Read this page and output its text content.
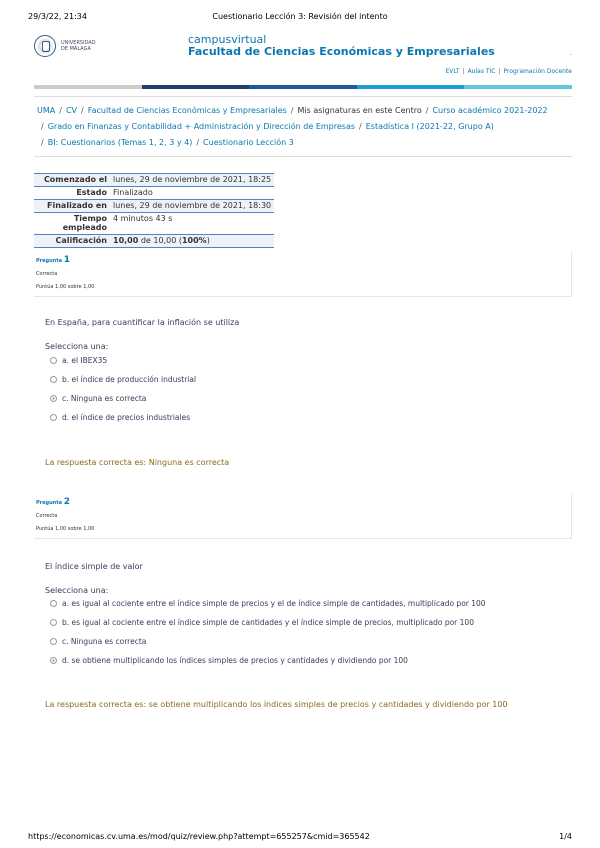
29/3/22, 21:34	Cuestionario Lección 3: Revisión del intento
UNIVERSIDAD
DE MÁLAGA
campusvirtual
Facultad de Ciencias Económicas y Empresariales	.
EVLT | Aulas TIC | Programación Docente
UMA / CV / Facultad de Ciencias Económicas y Empresariales / Mis asignaturas en este Centro / Curso académico 2021-2022
/ Grado en Finanzas y Contabilidad + Administración y Dirección de Empresas / Estadística I (2021-22, Grupo A)
/ BI: Cuestionarios (Temas 1, 2, 3 y 4) / Cuestionario Lección 3
Comenzado el	lunes, 29 de noviembre de 2021, 18:25
Estado	Finalizado
Finalizado en	lunes, 29 de noviembre de 2021, 18:30

Tiempo
empleado	4 minutos 43 s
Calificación	10,00 de 10,00 (100%)
Pregunta 1
Correcta
Puntúa 1,00 sobre 1,00
En España, para cuantificar la inflación se utiliza
Selecciona una:
a. el IBEX35
b. el índice de producción industrial
c. Ninguna es correcta
d. el índice de precios industriales
La respuesta correcta es: Ninguna es correcta
Pregunta 2
Correcta
Puntúa 1,00 sobre 1,00
El índice simple de valor
Selecciona una:
a. es igual al cociente entre el índice simple de precios y el de índice simple de cantidades, multiplicado por 100
b. es igual al cociente entre el índice simple de cantidades y el índice simple de precios, multiplicado por 100
c. Ninguna es correcta
d. se obtiene multiplicando los índices simples de precios y cantidades y dividiendo por 100
La respuesta correcta es: se obtiene multiplicando los índices simples de precios y cantidades y dividiendo por 100
https://economicas.cv.uma.es/mod/quiz/review.php?attempt=655257&cmid=365542	1/4
